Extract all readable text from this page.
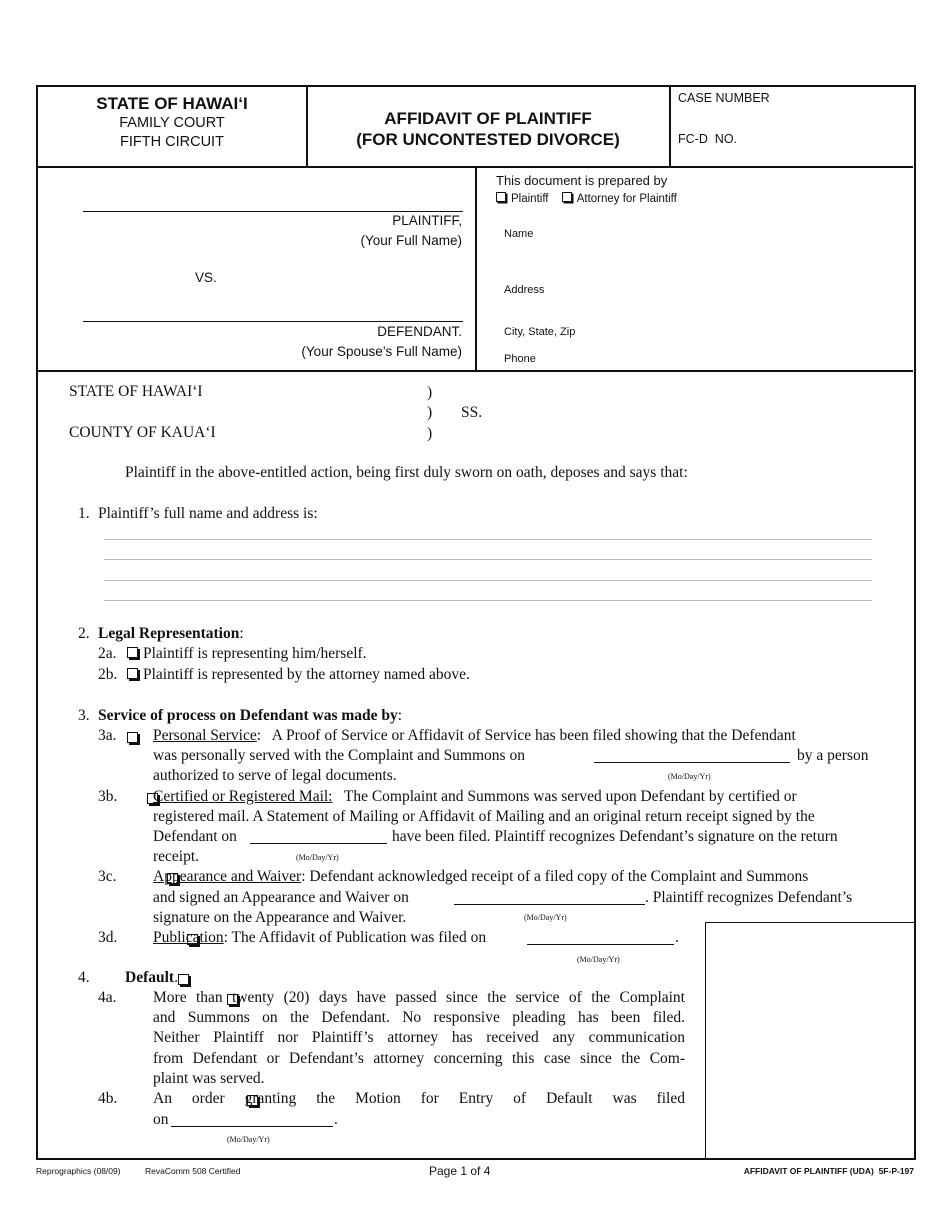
STATE OF HAWAI‘I
FAMILY COURT
FIFTH CIRCUIT
AFFIDAVIT OF PLAINTIFF
(FOR UNCONTESTED DIVORCE)
CASE NUMBER
FC-D  NO.
PLAINTIFF,
(Your Full Name)
VS.
DEFENDANT.
(Your Spouse’s Full Name)
This document is prepared by
Plaintiff Attorney for Plaintiff
Name
Address
City, State, Zip
Phone
STATE OF HAWAI‘I
COUNTY OF KAUA‘I
)
)
)
SS.
Plaintiff in the above-entitled action, being first duly sworn on oath, deposes and says that:
1. Plaintiff’s full name and address is:
2. Legal Representation:
2a.	Plaintiff is representing him/herself.
2b.	Plaintiff is represented by the attorney named above.
3. Service of process on Defendant was made by:
3a.
Personal Service:   A Proof of Service or Affidavit of Service has been filed showing that the Defendant
was personally served with the Complaint and Summons on	by a person
authorized to serve of legal documents.	(Mo/Day/Yr)
3b.
Certified or Registered Mail:   The Complaint and Summons was served upon Defendant by certified or
registered mail. A Statement of Mailing or Affidavit of Mailing and an original return receipt signed by the
Defendant on	have been filed. Plaintiff recognizes Defendant’s signature on the return
receipt.	(Mo/Day/Yr)
3c.
Appearance and Waiver: Defendant acknowledged receipt of a filed copy of the Complaint and Summons
and signed an Appearance and Waiver on	. Plaintiff recognizes Defendant’s
signature on the Appearance and Waiver.	(Mo/Day/Yr)
3d.
Publication: The Affidavit of Publication was filed on	.
(Mo/Day/Yr)
4.
Default.
4a.
More than twenty (20) days have passed since the service of the Complaint
and Summons on the Defendant. No responsive pleading has been filed.
Neither Plaintiff nor Plaintiff’s attorney has received any communication
from Defendant or Defendant’s attorney concerning this case since the Com-
plaint was served.
4b. An order granting the Motion for Entry of Default was filed
on	.
(Mo/Day/Yr)
Reprographics (08/09)	RevaComm 508 Certified	Page 1 of 4	AFFIDAVIT OF PLAINTIFF (UDA)  5F-P-197
